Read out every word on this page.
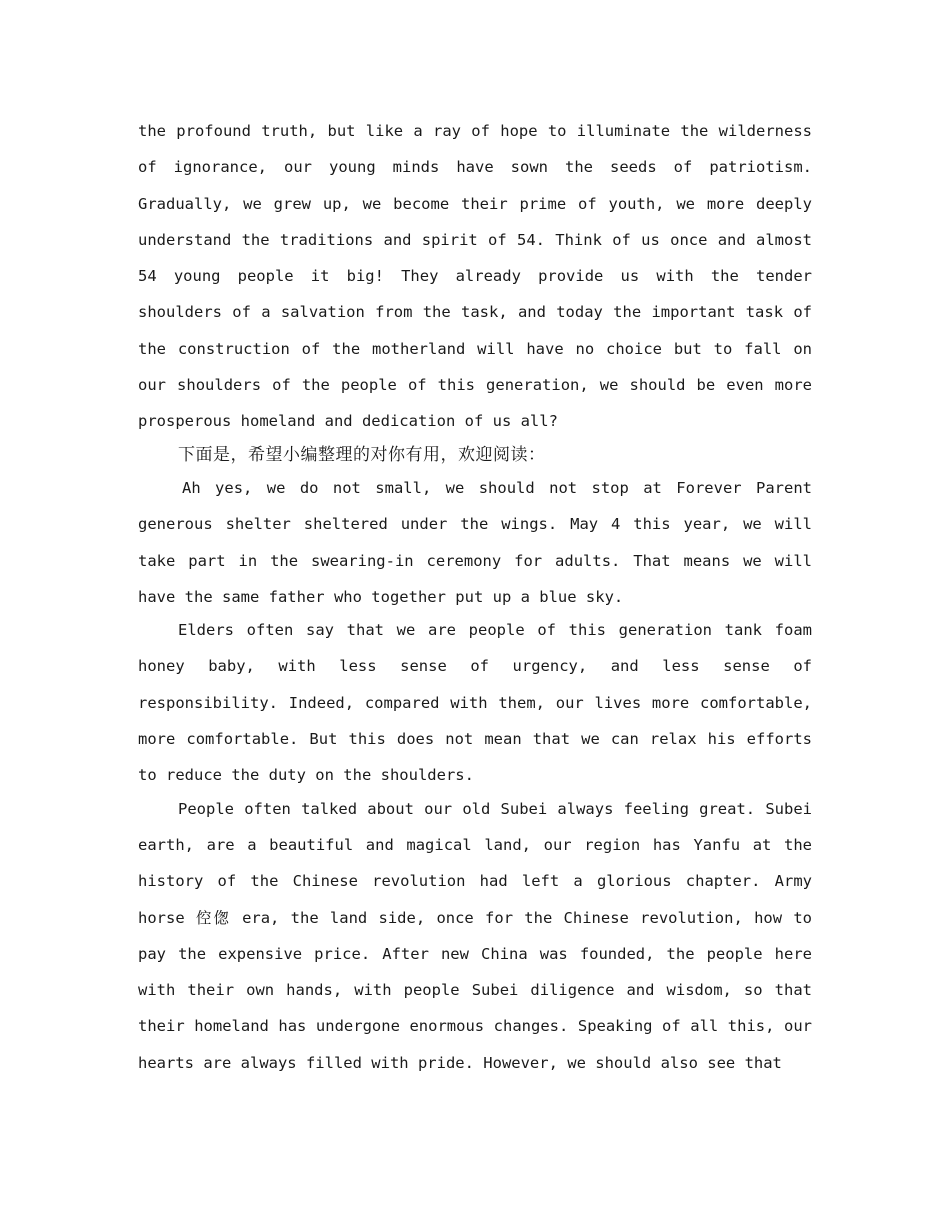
the profound truth, but like a ray of hope to illuminate the wilderness of ignorance, our young minds have sown the seeds of patriotism. Gradually, we grew up, we become their prime of youth, we more deeply understand the traditions and spirit of 54. Think of us once and almost 54 young people it big! They already provide us with the tender shoulders of a salvation from the task, and today the important task of the construction of the motherland will have no choice but to fall on our shoulders of the people of this generation, we should be even more prosperous homeland and dedication of us all?

下面是，希望小编整理的对你有用，欢迎阅读：

Ah yes, we do not small, we should not stop at Forever Parent generous shelter sheltered under the wings. May 4 this year, we will take part in the swearing-in ceremony for adults. That means we will have the same father who together put up a blue sky.

Elders often say that we are people of this generation tank foam honey baby, with less sense of urgency, and less sense of responsibility. Indeed, compared with them, our lives more comfortable, more comfortable. But this does not mean that we can relax his efforts to reduce the duty on the shoulders.

People often talked about our old Subei always feeling great. Subei earth, are a beautiful and magical land, our region has Yanfu at the history of the Chinese revolution had left a glorious chapter. Army horse 倥偬 era, the land side, once for the Chinese revolution, how to pay the expensive price. After new China was founded, the people here with their own hands, with people Subei diligence and wisdom, so that their homeland has undergone enormous changes. Speaking of all this, our hearts are always filled with pride. However, we should also see that
